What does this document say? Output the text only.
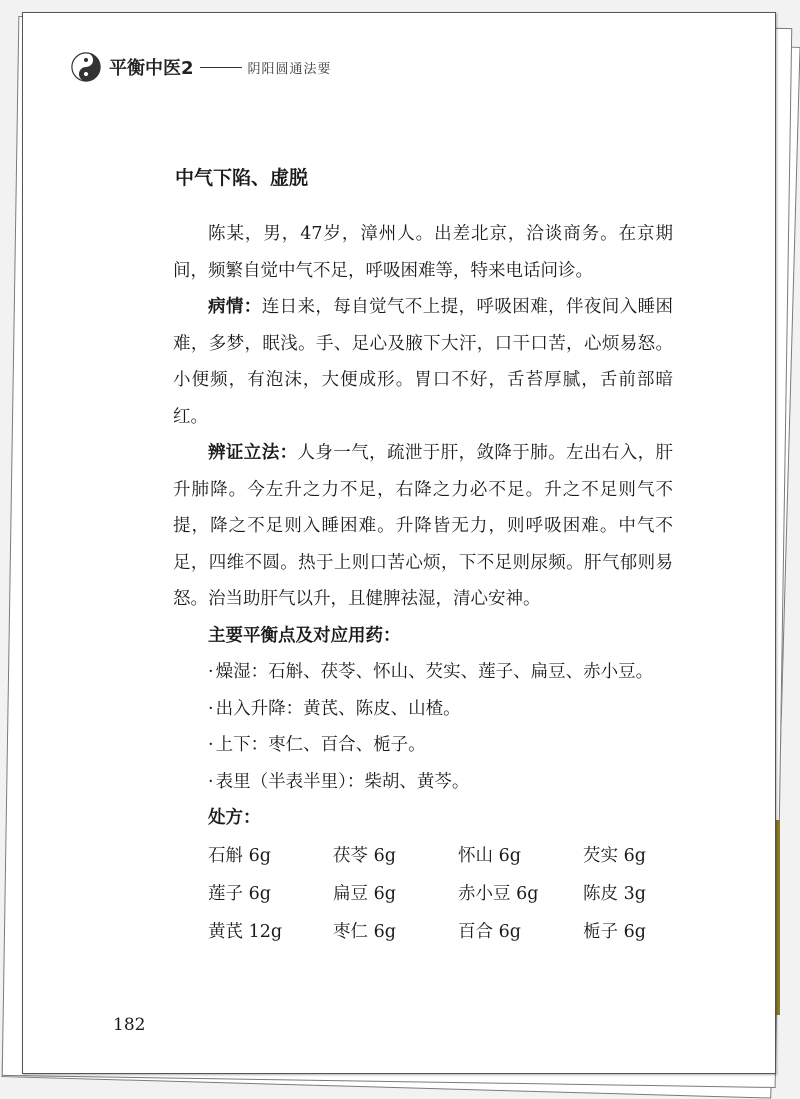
平衡中医2	阴阳圆通法要
中气下陷、虚脱

陈某，男，47岁，漳州人。出差北京，洽谈商务。在京期间，频繁自觉中气不足，呼吸困难等，特来电话问诊。

病情：连日来，每自觉气不上提，呼吸困难，伴夜间入睡困难，多梦，眠浅。手、足心及腋下大汗，口干口苦，心烦易怒。小便频，有泡沫，大便成形。胃口不好，舌苔厚腻，舌前部暗红。

辨证立法：人身一气，疏泄于肝，敛降于肺。左出右入，肝升肺降。今左升之力不足，右降之力必不足。升之不足则气不提，降之不足则入睡困难。升降皆无力，则呼吸困难。中气不足，四维不圆。热于上则口苦心烦，下不足则尿频。肝气郁则易怒。治当助肝气以升，且健脾祛湿，清心安神。

主要平衡点及对应用药：

· 燥湿：石斛、茯苓、怀山、芡实、莲子、扁豆、赤小豆。

· 出入升降：黄芪、陈皮、山楂。

· 上下：枣仁、百合、栀子。

· 表里（半表半里）：柴胡、黄芩。

处方：
石斛 6g	茯苓 6g	怀山 6g	芡实 6g
莲子 6g	扁豆 6g	赤小豆 6g	陈皮 3g
黄芪 12g	枣仁 6g	百合 6g	栀子 6g
182
